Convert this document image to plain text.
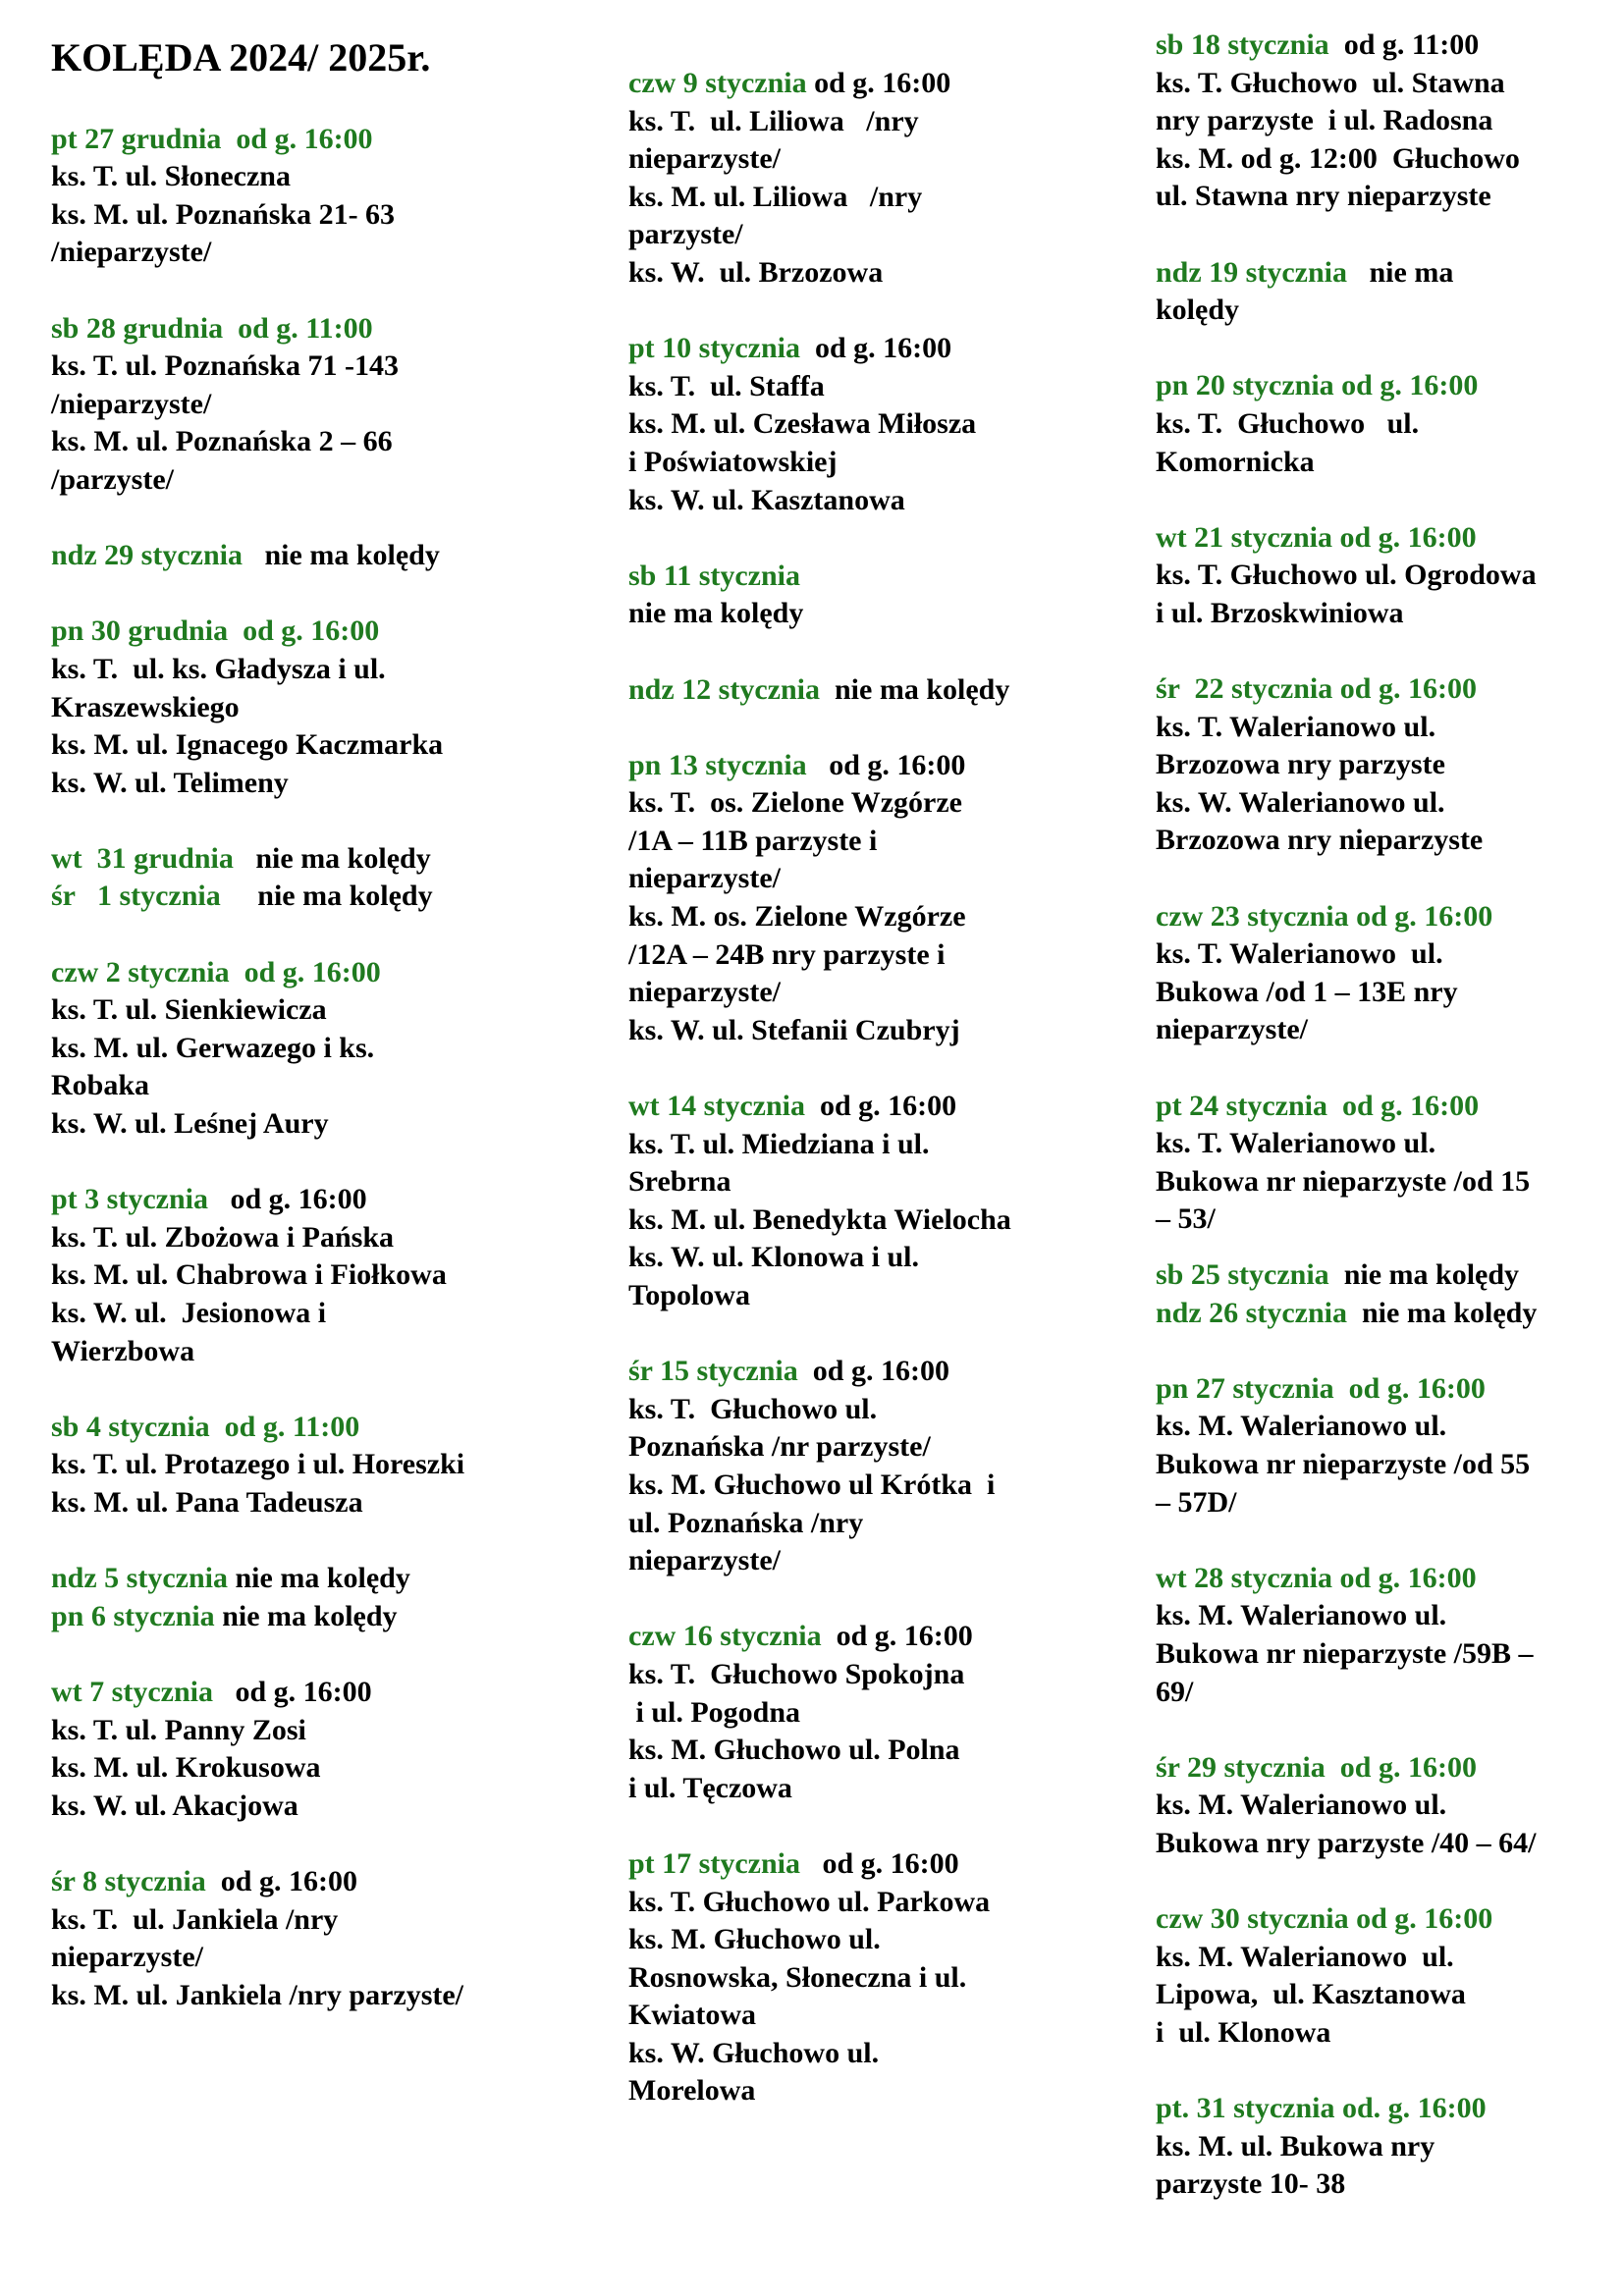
KOLĘDA 2024/ 2025r.
pt 27 grudnia  od g. 16:00
ks. T. ul. Słoneczna
ks. M. ul. Poznańska 21- 63
/nieparzyste/
sb 28 grudnia  od g. 11:00
ks. T. ul. Poznańska 71 -143
/nieparzyste/
ks. M. ul. Poznańska 2 – 66
/parzyste/
ndz 29 stycznia   nie ma kolędy
pn 30 grudnia  od g. 16:00
ks. T.  ul. ks. Gładysza i ul.
Kraszewskiego
ks. M. ul. Ignacego Kaczmarka
ks. W. ul. Telimeny
wt  31 grudnia   nie ma kolędy
śr   1 stycznia     nie ma kolędy
czw 2 stycznia  od g. 16:00
ks. T. ul. Sienkiewicza
ks. M. ul. Gerwazego i ks.
Robaka
ks. W. ul. Leśnej Aury
pt 3 stycznia   od g. 16:00
ks. T. ul. Zbożowa i Pańska
ks. M. ul. Chabrowa i Fiołkowa
ks. W. ul.  Jesionowa i
Wierzbowa
sb 4 stycznia  od g. 11:00
ks. T. ul. Protazego i ul. Horeszki
ks. M. ul. Pana Tadeusza
ndz 5 stycznia nie ma kolędy
pn 6 stycznia nie ma kolędy
wt 7 stycznia   od g. 16:00
ks. T. ul. Panny Zosi
ks. M. ul. Krokusowa
ks. W. ul. Akacjowa
śr 8 stycznia  od g. 16:00
ks. T.  ul. Jankiela /nry
nieparzyste/
ks. M. ul. Jankiela /nry parzyste/
czw 9 stycznia od g. 16:00
ks. T.  ul. Liliowa   /nry
nieparzyste/
ks. M. ul. Liliowa   /nry
parzyste/
ks. W.  ul. Brzozowa
pt 10 stycznia  od g. 16:00
ks. T.  ul. Staffa
ks. M. ul. Czesława Miłosza
i Poświatowskiej
ks. W. ul. Kasztanowa
sb 11 stycznia
nie ma kolędy
ndz 12 stycznia  nie ma kolędy
pn 13 stycznia   od g. 16:00
ks. T.  os. Zielone Wzgórze
/1A – 11B parzyste i
nieparzyste/
ks. M. os. Zielone Wzgórze
/12A – 24B nry parzyste i
nieparzyste/
ks. W. ul. Stefanii Czubryj
wt 14 stycznia  od g. 16:00
ks. T. ul. Miedziana i ul.
Srebrna
ks. M. ul. Benedykta Wielocha
ks. W. ul. Klonowa i ul.
Topolowa
śr 15 stycznia  od g. 16:00
ks. T.  Głuchowo ul.
Poznańska /nr parzyste/
ks. M. Głuchowo ul Krótka  i
ul. Poznańska /nry
nieparzyste/
czw 16 stycznia  od g. 16:00
ks. T.  Głuchowo Spokojna
i ul. Pogodna
ks. M. Głuchowo ul. Polna
i ul. Tęczowa
pt 17 stycznia   od g. 16:00
ks. T. Głuchowo ul. Parkowa
ks. M. Głuchowo ul.
Rosnowska, Słoneczna i ul.
Kwiatowa
ks. W. Głuchowo ul.
Morelowa
sb 18 stycznia  od g. 11:00
ks. T. Głuchowo  ul. Stawna
nry parzyste  i ul. Radosna
ks. M. od g. 12:00  Głuchowo
ul. Stawna nry nieparzyste
ndz 19 stycznia   nie ma
kolędy
pn 20 stycznia od g. 16:00
ks. T.  Głuchowo   ul.
Komornicka
wt 21 stycznia od g. 16:00
ks. T. Głuchowo ul. Ogrodowa
i ul. Brzoskwiniowa
śr  22 stycznia od g. 16:00
ks. T. Walerianowo ul.
Brzozowa nry parzyste
ks. W. Walerianowo ul.
Brzozowa nry nieparzyste
czw 23 stycznia od g. 16:00
ks. T. Walerianowo  ul.
Bukowa /od 1 – 13E nry
nieparzyste/
pt 24 stycznia  od g. 16:00
ks. T. Walerianowo ul.
Bukowa nr nieparzyste /od 15
– 53/
sb 25 stycznia  nie ma kolędy
ndz 26 stycznia  nie ma kolędy
pn 27 stycznia  od g. 16:00
ks. M. Walerianowo ul.
Bukowa nr nieparzyste /od 55
– 57D/
wt 28 stycznia od g. 16:00
ks. M. Walerianowo ul.
Bukowa nr nieparzyste /59B –
69/
śr 29 stycznia  od g. 16:00
ks. M. Walerianowo ul.
Bukowa nry parzyste /40 – 64/
czw 30 stycznia od g. 16:00
ks. M. Walerianowo  ul.
Lipowa,  ul. Kasztanowa
i  ul. Klonowa
pt. 31 stycznia od. g. 16:00
ks. M. ul. Bukowa nry
parzyste 10- 38
